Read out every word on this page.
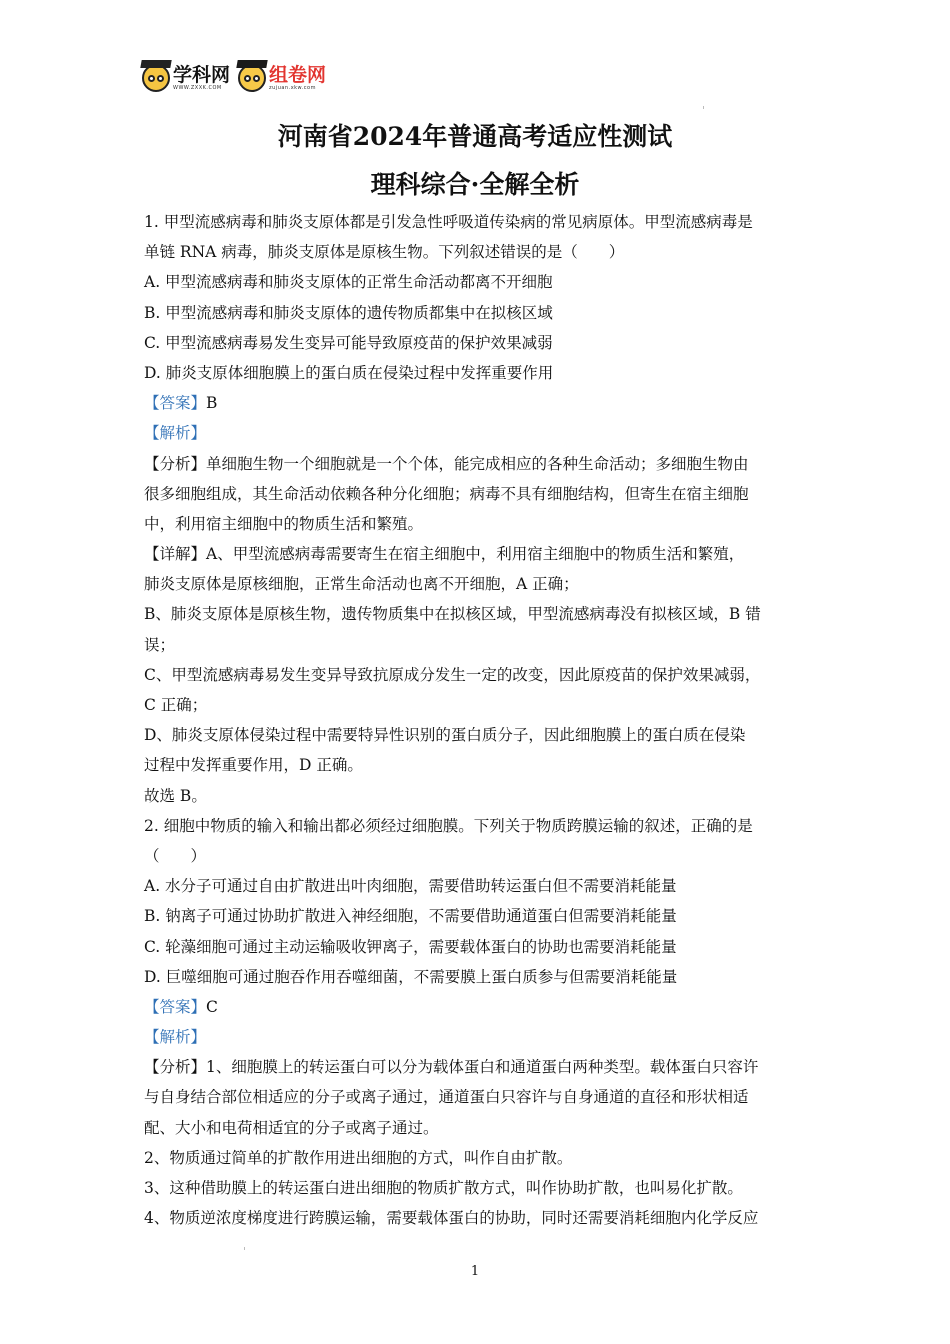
学科网
WWW.ZXXK.COM
组卷网
zujuan.xkw.com
河南省2024年普通高考适应性测试
理科综合·全解全析
1. 甲型流感病毒和肺炎支原体都是引发急性呼吸道传染病的常见病原体。甲型流感病毒是
单链 RNA 病毒，肺炎支原体是原核生物。下列叙述错误的是（　　）
A. 甲型流感病毒和肺炎支原体的正常生命活动都离不开细胞
B. 甲型流感病毒和肺炎支原体的遗传物质都集中在拟核区域
C. 甲型流感病毒易发生变异可能导致原疫苗的保护效果减弱
D. 肺炎支原体细胞膜上的蛋白质在侵染过程中发挥重要作用
【答案】B
【解析】
【分析】单细胞生物一个细胞就是一个个体，能完成相应的各种生命活动；多细胞生物由
很多细胞组成，其生命活动依赖各种分化细胞；病毒不具有细胞结构，但寄生在宿主细胞
中，利用宿主细胞中的物质生活和繁殖。
【详解】A、甲型流感病毒需要寄生在宿主细胞中，利用宿主细胞中的物质生活和繁殖，
肺炎支原体是原核细胞，正常生命活动也离不开细胞，A 正确；
B、肺炎支原体是原核生物，遗传物质集中在拟核区域，甲型流感病毒没有拟核区域，B 错
误；
C、甲型流感病毒易发生变异导致抗原成分发生一定的改变，因此原疫苗的保护效果减弱，
C 正确；
D、肺炎支原体侵染过程中需要特异性识别的蛋白质分子，因此细胞膜上的蛋白质在侵染
过程中发挥重要作用，D 正确。
故选 B。
2. 细胞中物质的输入和输出都必须经过细胞膜。下列关于物质跨膜运输的叙述，正确的是
（　　）
A. 水分子可通过自由扩散进出叶肉细胞，需要借助转运蛋白但不需要消耗能量
B. 钠离子可通过协助扩散进入神经细胞，不需要借助通道蛋白但需要消耗能量
C. 轮藻细胞可通过主动运输吸收钾离子，需要载体蛋白的协助也需要消耗能量
D. 巨噬细胞可通过胞吞作用吞噬细菌，不需要膜上蛋白质参与但需要消耗能量
【答案】C
【解析】
【分析】1、细胞膜上的转运蛋白可以分为载体蛋白和通道蛋白两种类型。载体蛋白只容许
与自身结合部位相适应的分子或离子通过，通道蛋白只容许与自身通道的直径和形状相适
配、大小和电荷相适宜的分子或离子通过。
2、物质通过简单的扩散作用进出细胞的方式，叫作自由扩散。
3、这种借助膜上的转运蛋白进出细胞的物质扩散方式，叫作协助扩散，也叫易化扩散。
4、物质逆浓度梯度进行跨膜运输，需要载体蛋白的协助，同时还需要消耗细胞内化学反应
1
